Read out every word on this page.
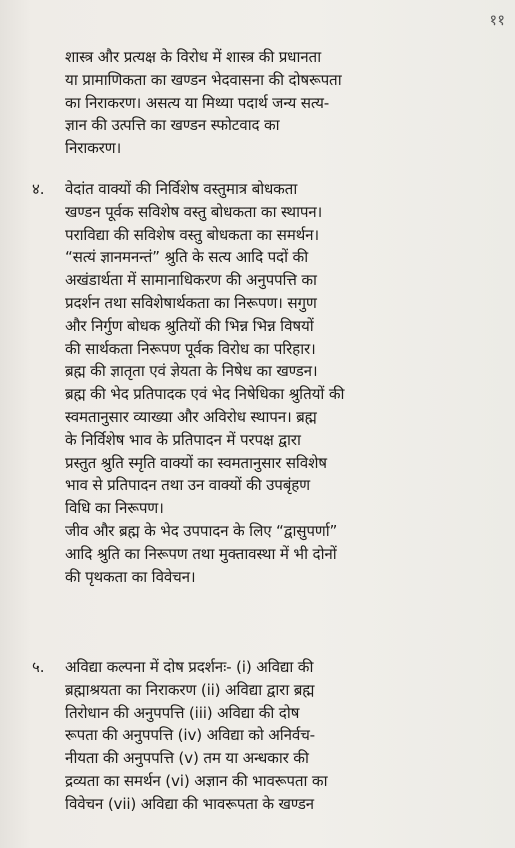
११
शास्त्र और प्रत्यक्ष के विरोध में शास्त्र की प्रधानता
या प्रामाणिकता का खण्डन भेदवासना की दोषरूपता
का निराकरण। असत्य या मिथ्या पदार्थ जन्य सत्य-
ज्ञान की उत्पत्ति का खण्डन स्फोटवाद का
निराकरण।
४. वेदांत वाक्यों की निर्विशेष वस्तुमात्र बोधकता
खण्डन पूर्वक सविशेष वस्तु बोधकता का स्थापन।
पराविद्या की सविशेष वस्तु बोधकता का समर्थन।
“सत्यं ज्ञानमनन्तं” श्रुति के सत्य आदि पदों की
अखंडार्थता में सामानाधिकरण की अनुपपत्ति का
प्रदर्शन तथा सविशेषार्थकता का निरूपण। सगुण
और निर्गुण बोधक श्रुतियों की भिन्न भिन्न विषयों
की सार्थकता निरूपण पूर्वक विरोध का परिहार।
ब्रह्म की ज्ञातृता एवं ज्ञेयता के निषेध का खण्डन।
ब्रह्म की भेद प्रतिपादक एवं भेद निषेधिका श्रुतियों की
स्वमतानुसार व्याख्या और अविरोध स्थापन। ब्रह्म
के निर्विशेष भाव के प्रतिपादन में परपक्ष द्वारा
प्रस्तुत श्रुति स्मृति वाक्यों का स्वमतानुसार सविशेष
भाव से प्रतिपादन तथा उन वाक्यों की उपबृंहण
विधि का निरूपण।
जीव और ब्रह्म के भेद उपपादन के लिए “द्वासुपर्णा”
आदि श्रुति का निरूपण तथा मुक्तावस्था में भी दोनों
की पृथकता का विवेचन।
५. अविद्या कल्पना में दोष प्रदर्शनः- (i) अविद्या की
ब्रह्माश्रयता का निराकरण (ii) अविद्या द्वारा ब्रह्म
तिरोधान की अनुपपत्ति (iii) अविद्या की दोष
रूपता की अनुपपत्ति (iv) अविद्या को अनिर्वच-
नीयता की अनुपपत्ति (v) तम या अन्धकार की
द्रव्यता का समर्थन (vi) अज्ञान की भावरूपता का
विवेचन (vii) अविद्या की भावरूपता के खण्डन
